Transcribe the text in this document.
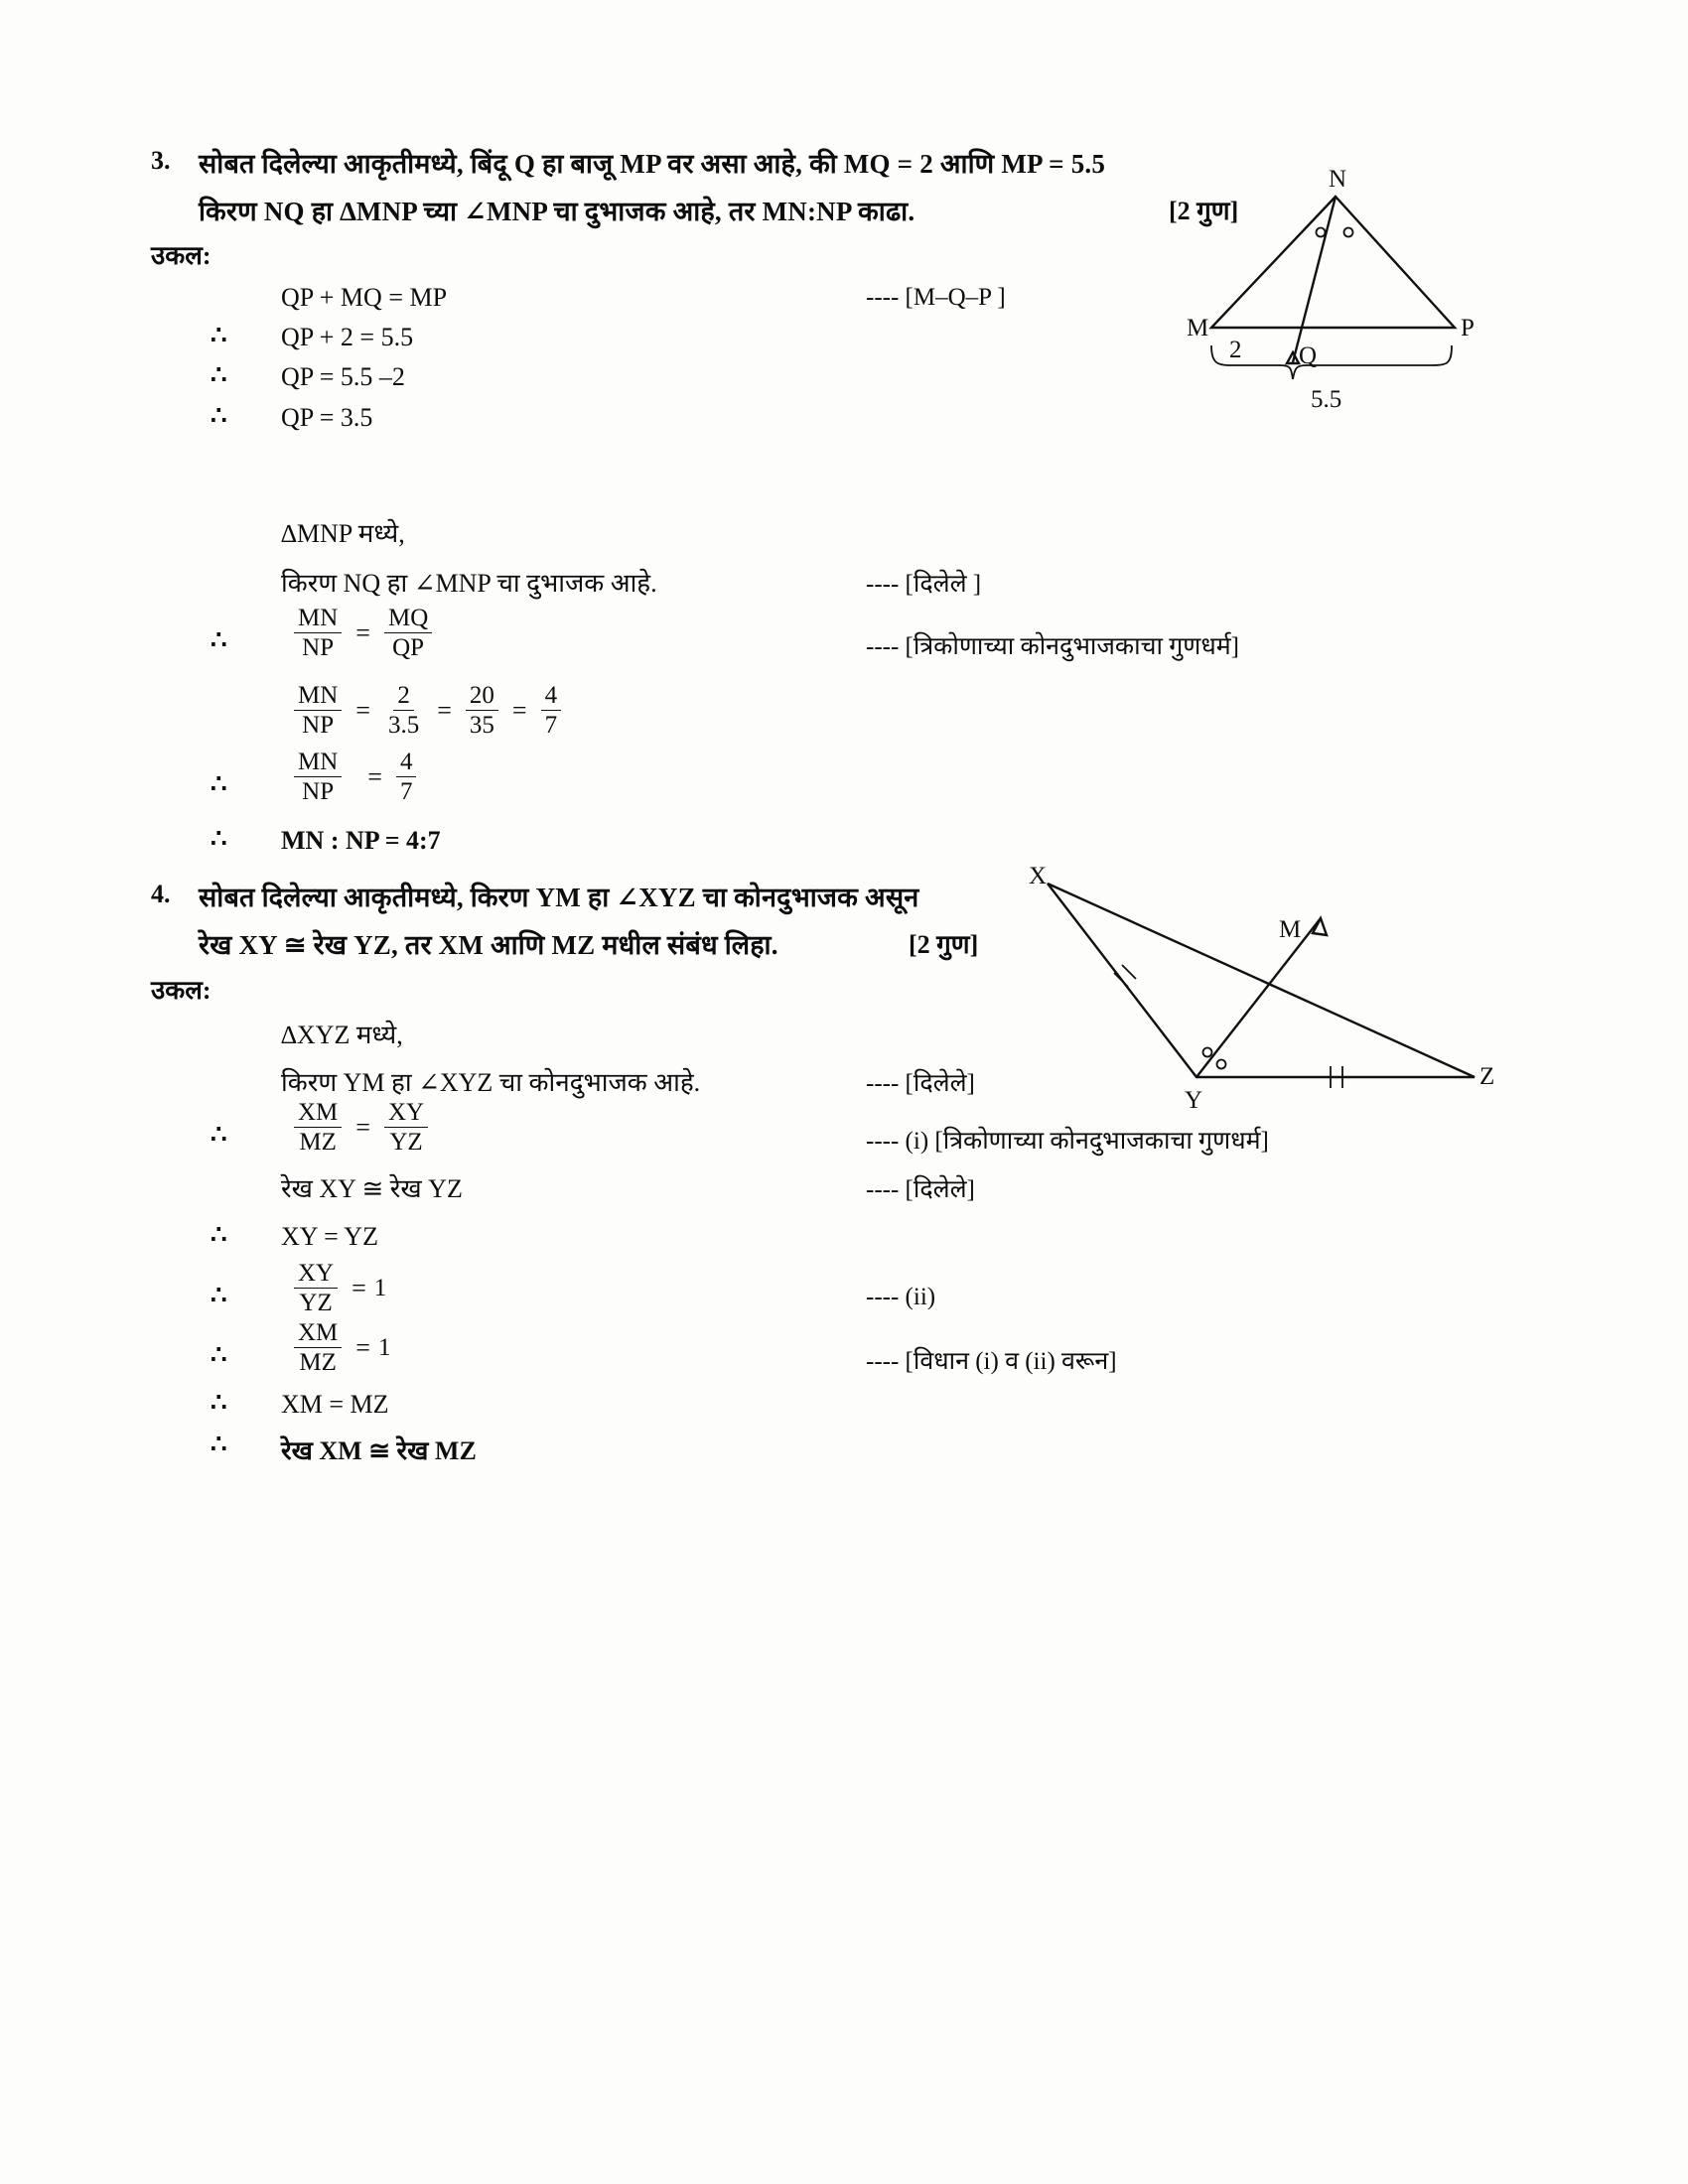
3. सोबत दिलेल्या आकृतीमध्ये, बिंदू Q हा बाजू MP वर असा आहे, की MQ = 2 आणि MP = 5.5
किरण NQ हा ∆MNP च्या ∠MNP चा दुभाजक आहे, तर MN:NP काढा.	[2 गुण]
उकल:
QP + MQ = MP	---- [M–Q–P ]
∴ QP + 2 = 5.5
∴ QP = 5.5 –2
∴ QP = 3.5
∆MNP मध्ये,
किरण NQ हा ∠MNP चा दुभाजक आहे.	---- [दिलेले ]
∴	$\frac{MN}{NP} = \frac{MQ}{QP}$	---- [त्रिकोणाच्या कोनदुभाजकाचा गुणधर्म]
$\frac{MN}{NP} = \frac{2}{3.5} = \frac{20}{35} = \frac{4}{7}$
∴	$\frac{MN}{NP} = \frac{4}{7}$
∴ MN : NP = 4:7
N
M	P
Q
2
5.5
4. सोबत दिलेल्या आकृतीमध्ये, किरण YM हा ∠XYZ चा कोनदुभाजक असून
रेख XY ≅ रेख YZ, तर XM आणि MZ मधील संबंध लिहा.	[2 गुण]
उकल:
∆XYZ मध्ये,
किरण YM हा ∠XYZ चा कोनदुभाजक आहे.	---- [दिलेले]
∴	$\frac{XM}{MZ} = \frac{XY}{YZ}$	---- (i) [त्रिकोणाच्या कोनदुभाजकाचा गुणधर्म]
रेख XY ≅ रेख YZ	---- [दिलेले]
∴ XY = YZ
∴	$\frac{XY}{YZ} = 1$	---- (ii)
∴	$\frac{XM}{MZ} = 1$
---- [विधान (i) व (ii) वरून]
∴ XM = MZ
∴ रेख XM ≅ रेख MZ
X
Y
Z
M
